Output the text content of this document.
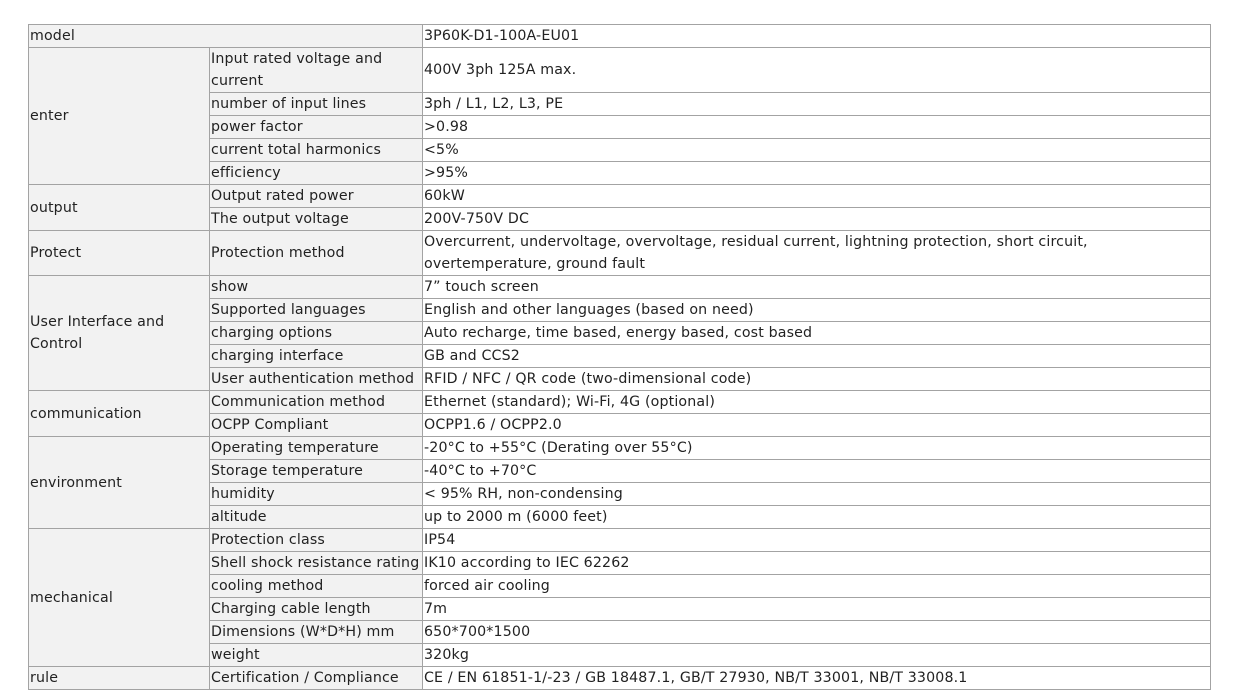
model		3P60K-D1-100A-EU01
enter	Input rated voltage and current	400V 3ph 125A max.
	number of input lines	3ph / L1, L2, L3, PE
	power factor	>0.98
	current total harmonics	<5%
	efficiency	>95%
output	Output rated power	60kW
	The output voltage	200V-750V DC
Protect	Protection method	Overcurrent, undervoltage, overvoltage, residual current, lightning protection, short circuit, overtemperature, ground fault
User Interface and Control	show	7” touch screen
	Supported languages	English and other languages (based on need)
	charging options	Auto recharge, time based, energy based, cost based
	charging interface	GB and CCS2
	User authentication method	RFID / NFC / QR code (two-dimensional code)
communication	Communication method	Ethernet (standard); Wi-Fi, 4G (optional)
	OCPP Compliant	OCPP1.6 / OCPP2.0
environment	Operating temperature	-20°C to +55°C (Derating over 55°C)
	Storage temperature	-40°C to +70°C
	humidity	< 95% RH, non-condensing
	altitude	up to 2000 m (6000 feet)
mechanical	Protection class	IP54
	Shell shock resistance rating	IK10 according to IEC 62262
	cooling method	forced air cooling
	Charging cable length	7m
	Dimensions (W*D*H) mm	650*700*1500
	weight	320kg
rule	Certification / Compliance	CE / EN 61851-1/-23 / GB 18487.1, GB/T 27930, NB/T 33001, NB/T 33008.1
